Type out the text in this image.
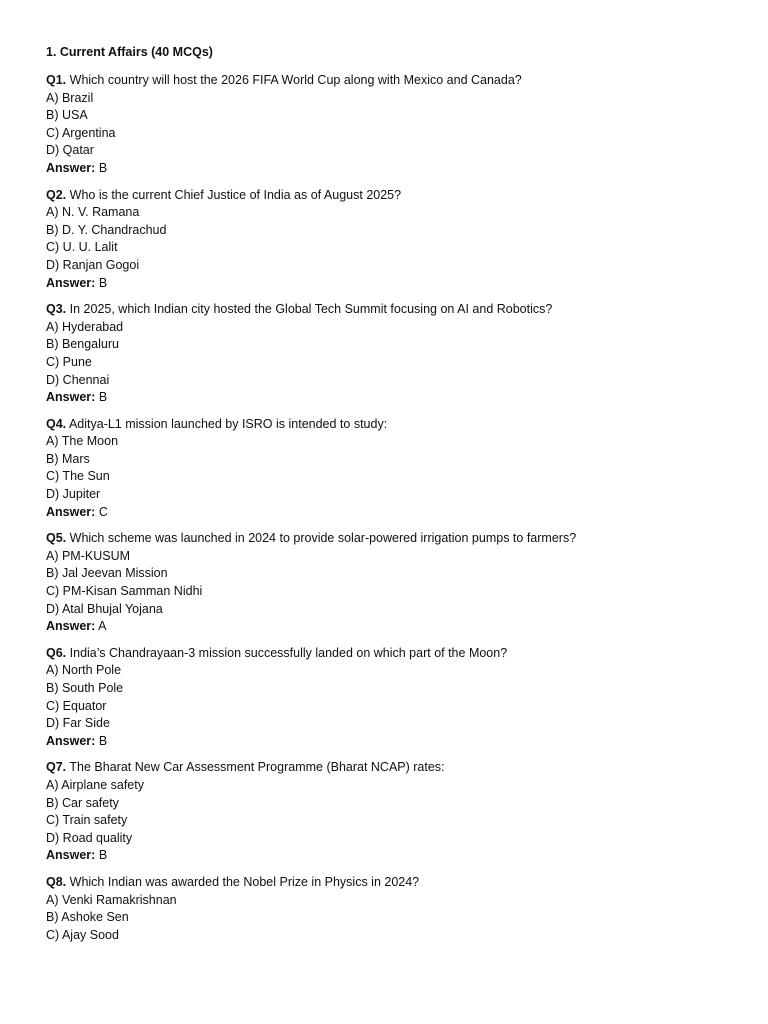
1. Current Affairs (40 MCQs)
Q1. Which country will host the 2026 FIFA World Cup along with Mexico and Canada?
A) Brazil
B) USA
C) Argentina
D) Qatar
Answer: B
Q2. Who is the current Chief Justice of India as of August 2025?
A) N. V. Ramana
B) D. Y. Chandrachud
C) U. U. Lalit
D) Ranjan Gogoi
Answer: B
Q3. In 2025, which Indian city hosted the Global Tech Summit focusing on AI and Robotics?
A) Hyderabad
B) Bengaluru
C) Pune
D) Chennai
Answer: B
Q4. Aditya-L1 mission launched by ISRO is intended to study:
A) The Moon
B) Mars
C) The Sun
D) Jupiter
Answer: C
Q5. Which scheme was launched in 2024 to provide solar-powered irrigation pumps to farmers?
A) PM-KUSUM
B) Jal Jeevan Mission
C) PM-Kisan Samman Nidhi
D) Atal Bhujal Yojana
Answer: A
Q6. India’s Chandrayaan-3 mission successfully landed on which part of the Moon?
A) North Pole
B) South Pole
C) Equator
D) Far Side
Answer: B
Q7. The Bharat New Car Assessment Programme (Bharat NCAP) rates:
A) Airplane safety
B) Car safety
C) Train safety
D) Road quality
Answer: B
Q8. Which Indian was awarded the Nobel Prize in Physics in 2024?
A) Venki Ramakrishnan
B) Ashoke Sen
C) Ajay Sood
